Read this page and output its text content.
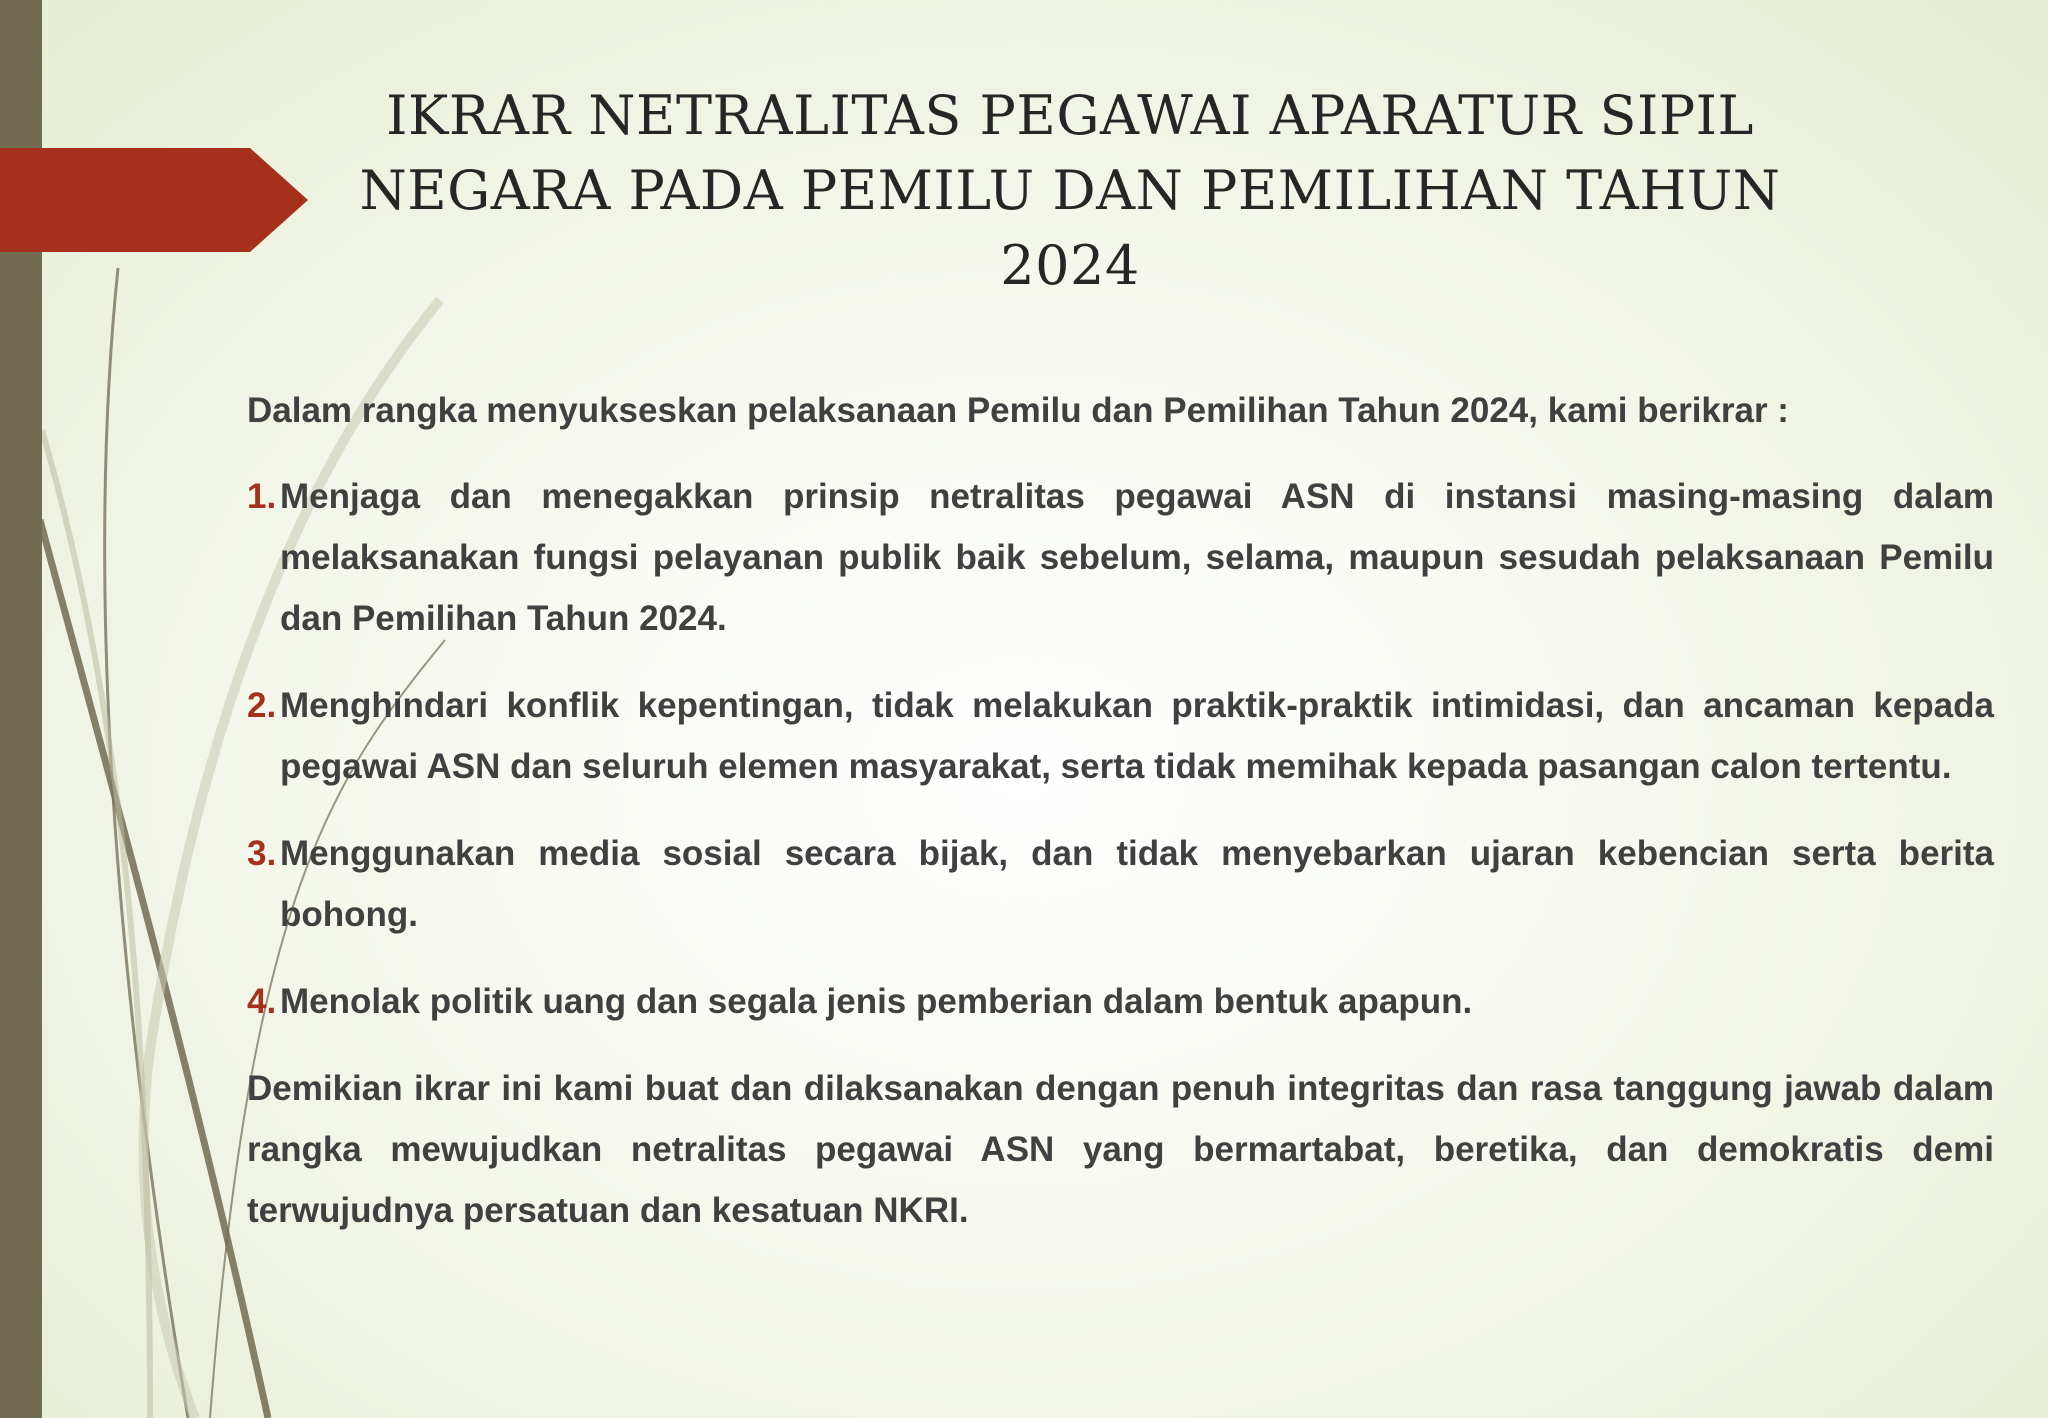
IKRAR NETRALITAS PEGAWAI APARATUR SIPIL NEGARA PADA PEMILU DAN PEMILIHAN TAHUN 2024

Dalam rangka menyukseskan pelaksanaan Pemilu dan Pemilihan Tahun 2024, kami berikrar :

1. Menjaga dan menegakkan prinsip netralitas pegawai ASN di instansi masing-masing dalam melaksanakan fungsi pelayanan publik baik sebelum, selama, maupun sesudah pelaksanaan Pemilu dan Pemilihan Tahun 2024.
2. Menghindari konflik kepentingan, tidak melakukan praktik-praktik intimidasi, dan ancaman kepada pegawai ASN dan seluruh elemen masyarakat, serta tidak memihak kepada pasangan calon tertentu.
3. Menggunakan media sosial secara bijak, dan tidak menyebarkan ujaran kebencian serta berita bohong.
4. Menolak politik uang dan segala jenis pemberian dalam bentuk apapun.

Demikian ikrar ini kami buat dan dilaksanakan dengan penuh integritas dan rasa tanggung jawab dalam rangka mewujudkan netralitas pegawai ASN yang bermartabat, beretika, dan demokratis demi terwujudnya persatuan dan kesatuan NKRI.
